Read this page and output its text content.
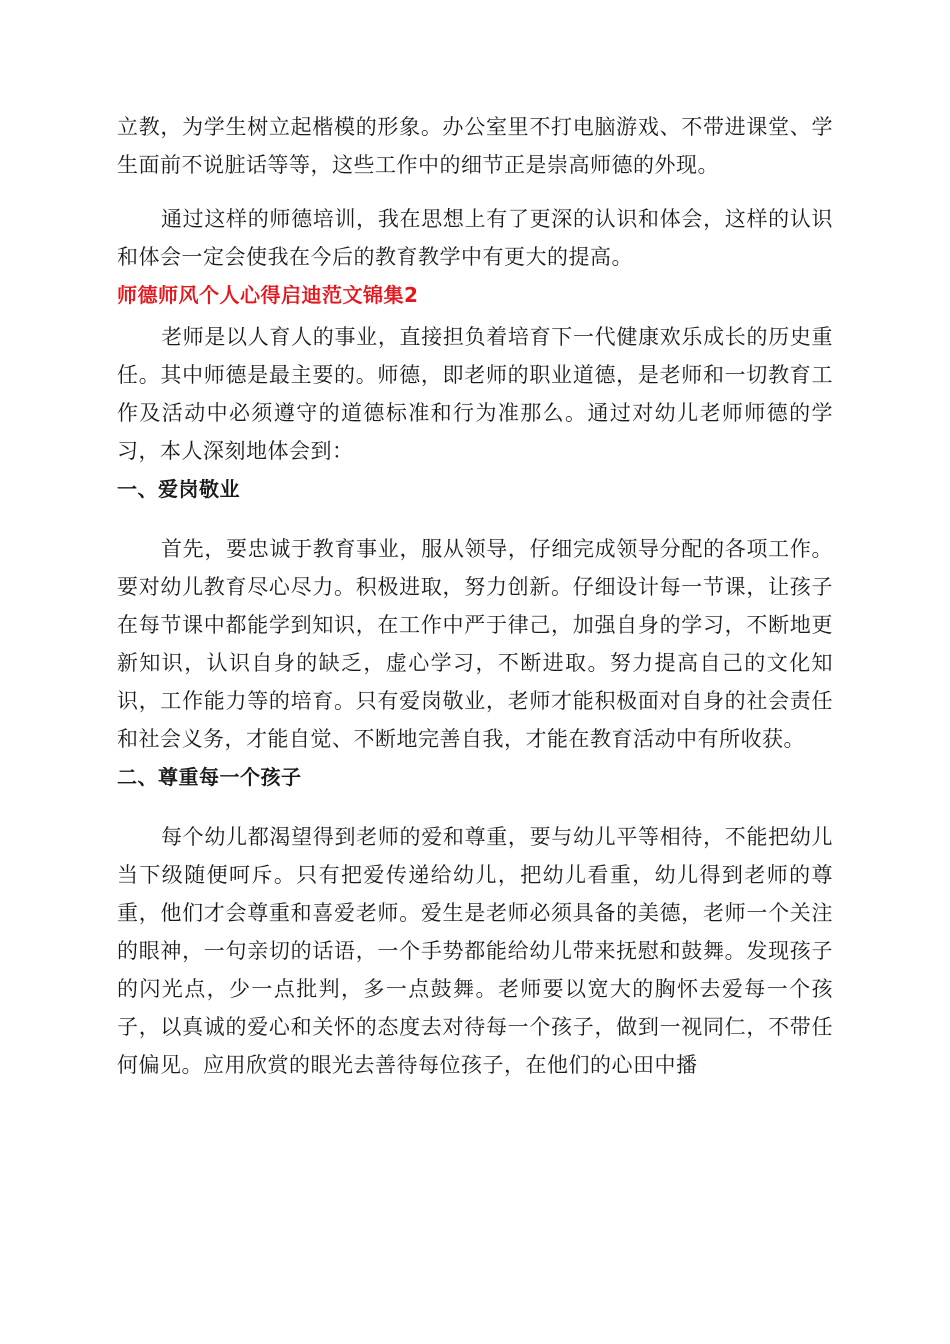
立教，为学生树立起楷模的形象。办公室里不打电脑游戏、不带进课堂、学生面前不说脏话等等，这些工作中的细节正是崇高师德的外现。

通过这样的师德培训，我在思想上有了更深的认识和体会，这样的认识和体会一定会使我在今后的教育教学中有更大的提高。

师德师风个人心得启迪范文锦集2

老师是以人育人的事业，直接担负着培育下一代健康欢乐成长的历史重任。其中师德是最主要的。师德，即老师的职业道德，是老师和一切教育工作及活动中必须遵守的道德标准和行为准那么。通过对幼儿老师师德的学习，本人深刻地体会到：

一、爱岗敬业

首先，要忠诚于教育事业，服从领导，仔细完成领导分配的各项工作。要对幼儿教育尽心尽力。积极进取，努力创新。仔细设计每一节课，让孩子在每节课中都能学到知识，在工作中严于律己，加强自身的学习，不断地更新知识，认识自身的缺乏，虚心学习，不断进取。努力提高自己的文化知识，工作能力等的培育。只有爱岗敬业，老师才能积极面对自身的社会责任和社会义务，才能自觉、不断地完善自我，才能在教育活动中有所收获。

二、尊重每一个孩子

每个幼儿都渴望得到老师的爱和尊重，要与幼儿平等相待，不能把幼儿当下级随便呵斥。只有把爱传递给幼儿，把幼儿看重，幼儿得到老师的尊重，他们才会尊重和喜爱老师。爱生是老师必须具备的美德，老师一个关注的眼神，一句亲切的话语，一个手势都能给幼儿带来抚慰和鼓舞。发现孩子的闪光点，少一点批判，多一点鼓舞。老师要以宽大的胸怀去爱每一个孩子，以真诚的爱心和关怀的态度去对待每一个孩子，做到一视同仁，不带任何偏见。应用欣赏的眼光去善待每位孩子，在他们的心田中播
